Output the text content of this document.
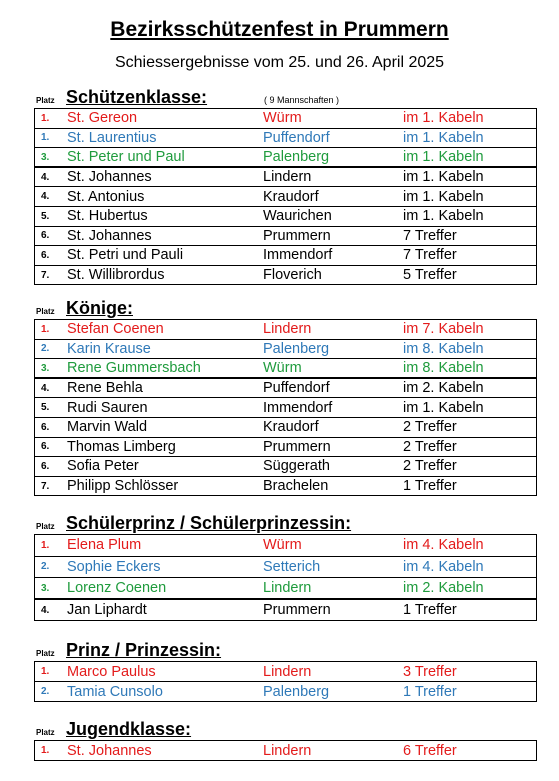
Bezirksschützenfest in Prummern
Schiessergebnisse vom 25. und 26. April 2025
Platz Schützenklasse:	( 9 Mannschaften )
1.	St. Gereon	Würm	im 1. Kabeln
1.	St. Laurentius	Puffendorf	im 1. Kabeln
3.	St. Peter und Paul	Palenberg	im 1. Kabeln
4.	St. Johannes	Lindern	im 1. Kabeln
4.	St. Antonius	Kraudorf	im 1. Kabeln
5.	St. Hubertus	Waurichen	im 1. Kabeln
6.	St. Johannes	Prummern	7 Treffer
6.	St. Petri und Pauli	Immendorf	7 Treffer
7.	St. Willibrordus	Floverich	5 Treffer
Platz Könige:
1.	Stefan Coenen	Lindern	im 7. Kabeln
2.	Karin Krause	Palenberg	im 8. Kabeln
3.	Rene Gummersbach	Würm	im 8. Kabeln
4.	Rene Behla	Puffendorf	im 2. Kabeln
5.	Rudi Sauren	Immendorf	im 1. Kabeln
6.	Marvin Wald	Kraudorf	2 Treffer
6.	Thomas Limberg	Prummern	2 Treffer
6.	Sofia Peter	Süggerath	2 Treffer
7.	Philipp Schlösser	Brachelen	1 Treffer
Platz Schülerprinz / Schülerprinzessin:
1.	Elena Plum	Würm	im 4. Kabeln
2.	Sophie Eckers	Setterich	im 4. Kabeln
3.	Lorenz Coenen	Lindern	im 2. Kabeln
4.	Jan Liphardt	Prummern	1 Treffer
Platz Prinz / Prinzessin:
1.	Marco Paulus	Lindern	3 Treffer
2.	Tamia Cunsolo	Palenberg	1 Treffer
Platz Jugendklasse:
1.	St. Johannes	Lindern	6 Treffer
